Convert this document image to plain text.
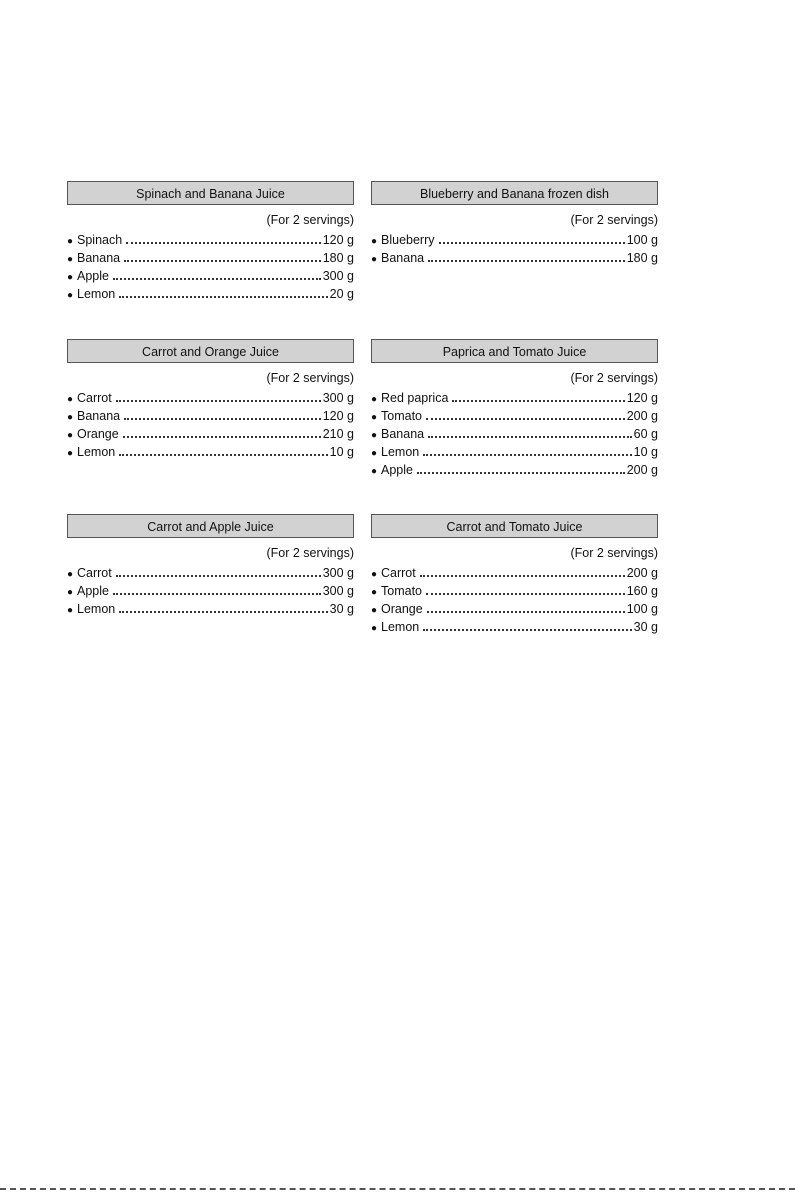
Spinach and Banana Juice
(For 2 servings)
● Spinach	120 g
● Banana	180 g
● Apple	300 g
● Lemon	20 g
Blueberry and Banana frozen dish
(For 2 servings)
● Blueberry	100 g
● Banana	180 g
Carrot and Orange Juice
(For 2 servings)
● Carrot	300 g
● Banana	120 g
● Orange	210 g
● Lemon	10 g
Paprica and Tomato Juice
(For 2 servings)
● Red paprica	120 g
● Tomato	200 g
● Banana	60 g
● Lemon	10 g
● Apple	200 g
Carrot and Apple Juice
(For 2 servings)
● Carrot	300 g
● Apple	300 g
● Lemon	30 g
Carrot and Tomato Juice
(For 2 servings)
● Carrot	200 g
● Tomato	160 g
● Orange	100 g
● Lemon	30 g
